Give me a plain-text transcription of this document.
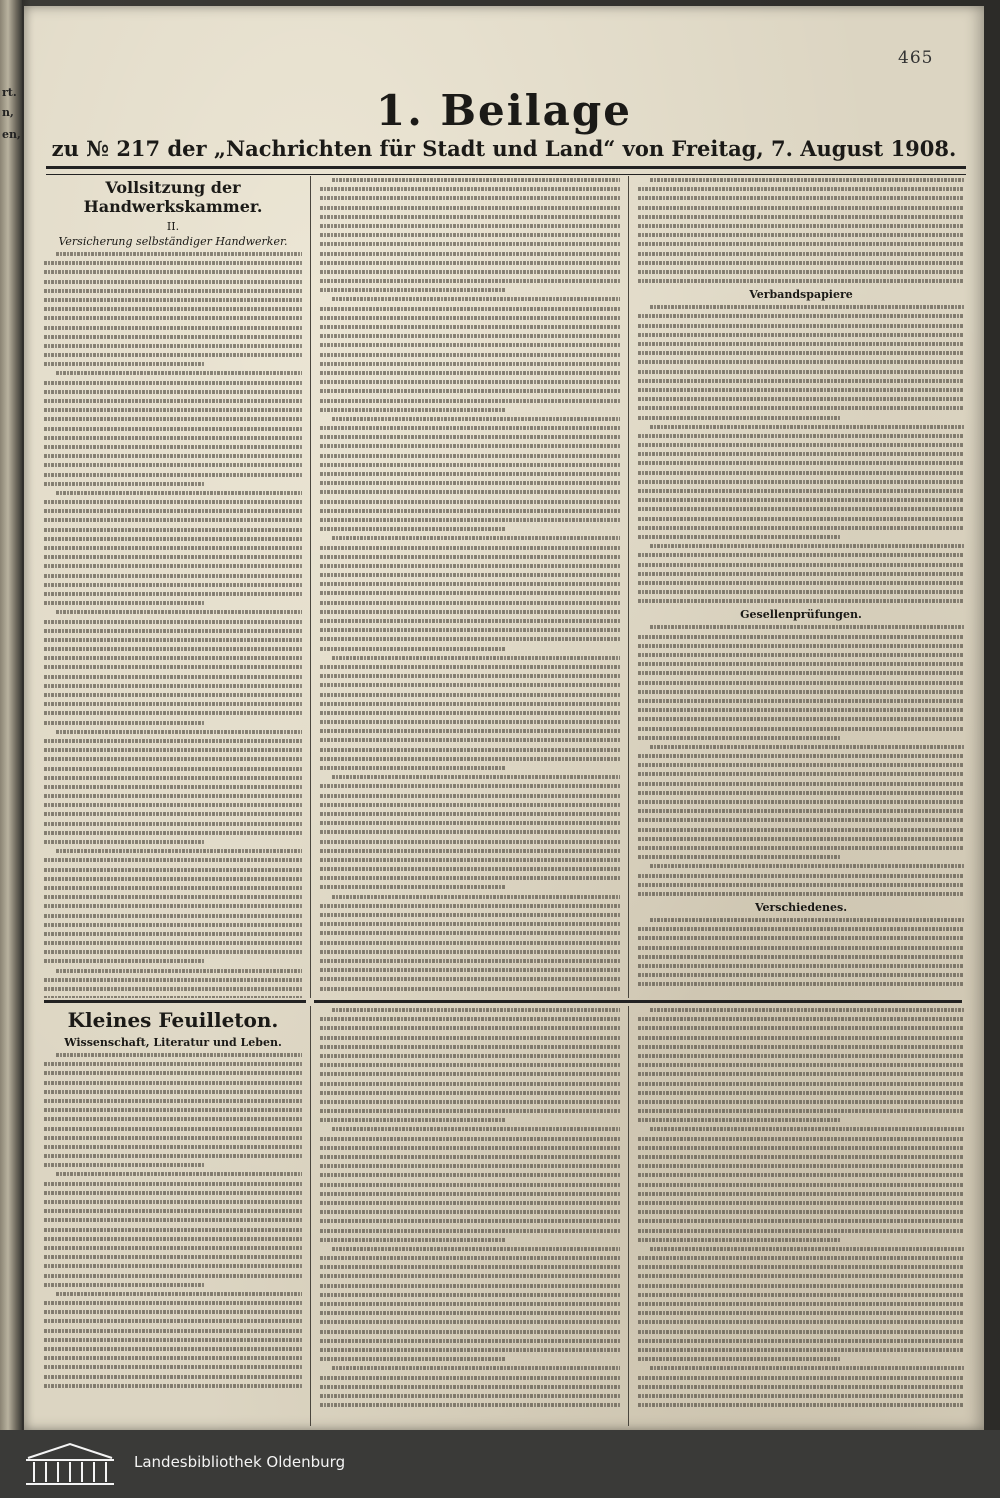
rt.
n,
en,
465
1. Beilage
zu № 217 der „Nachrichten für Stadt und Land“ von Freitag, 7. August 1908.
Vollsitzung der Handwerkskammer.
II.
Versicherung selbständiger Handwerker.
Verbandspapiere
Gesellenprüfungen.
Verschiedenes.
Kleines Feuilleton.
Wissenschaft, Literatur und Leben.
Landesbibliothek Oldenburg
